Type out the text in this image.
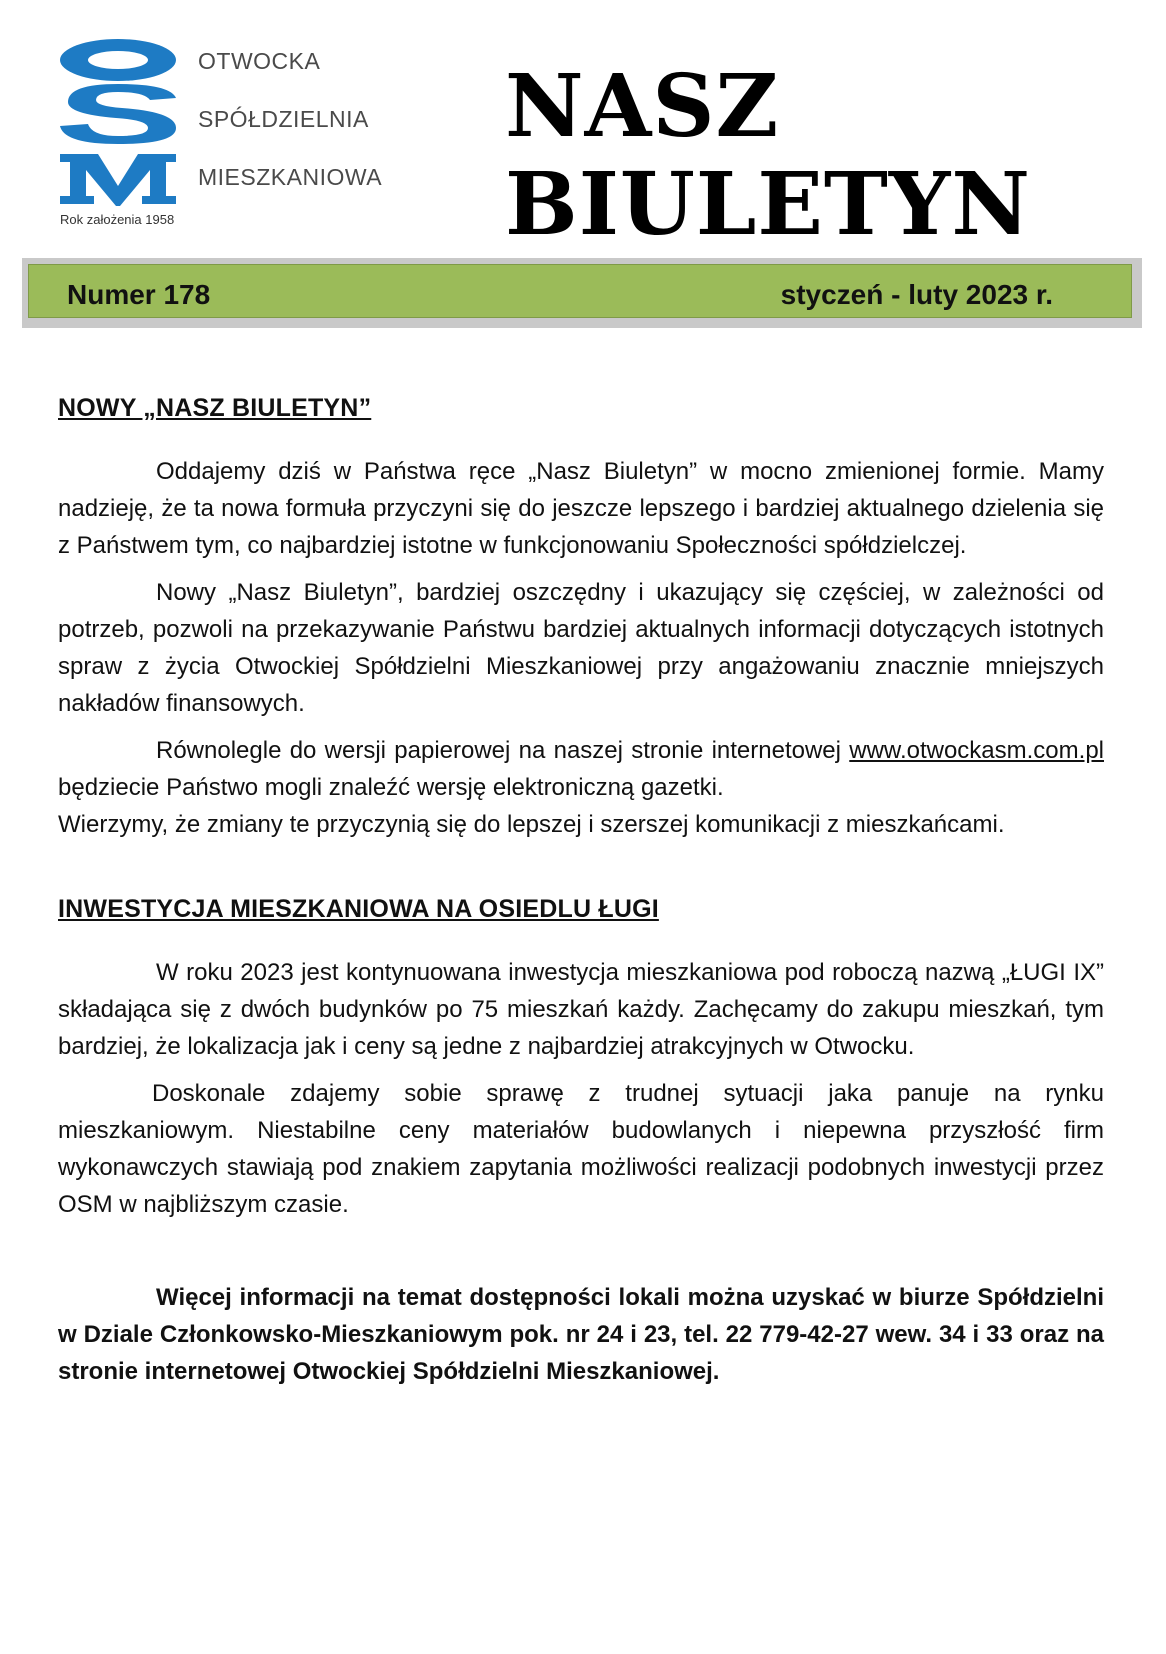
OTWOCKA
SPÓŁDZIELNIA
MIESZKANIOWA
Rok założenia 1958
NASZ
BIULETYN
Numer 178	styczeń - luty 2023 r.
NOWY „NASZ BIULETYN”

Oddajemy dziś w Państwa ręce „Nasz Biuletyn” w mocno zmienionej formie. Mamy nadzieję, że ta nowa formuła przyczyni się do jeszcze lepszego i bardziej aktualnego dzielenia się z Państwem tym, co najbardziej istotne w funkcjonowaniu Społeczności spółdzielczej.

Nowy „Nasz Biuletyn”, bardziej oszczędny i ukazujący się częściej, w zależności od potrzeb, pozwoli na przekazywanie Państwu bardziej aktualnych informacji dotyczących istotnych spraw z życia Otwockiej Spółdzielni Mieszkaniowej przy angażowaniu znacznie mniejszych nakładów finansowych.

Równolegle do wersji papierowej na naszej stronie internetowej www.otwockasm.com.pl będziecie Państwo mogli znaleźć wersję elektroniczną gazetki.

Wierzymy, że zmiany te przyczynią się do lepszej i szerszej komunikacji z mieszkańcami.

INWESTYCJA MIESZKANIOWA NA OSIEDLU ŁUGI

W roku 2023 jest kontynuowana inwestycja mieszkaniowa pod roboczą nazwą „ŁUGI IX” składająca się z dwóch budynków po 75 mieszkań każdy. Zachęcamy do zakupu mieszkań, tym bardziej, że lokalizacja jak i ceny są jedne z najbardziej atrakcyjnych w Otwocku.

Doskonale zdajemy sobie sprawę z trudnej sytuacji jaka panuje na rynku mieszkaniowym. Niestabilne ceny materiałów budowlanych i niepewna przyszłość firm wykonawczych stawiają pod znakiem zapytania możliwości realizacji podobnych inwestycji przez OSM w najbliższym czasie.

Więcej informacji na temat dostępności lokali można uzyskać w biurze Spółdzielni w Dziale Członkowsko-Mieszkaniowym pok. nr 24 i 23, tel. 22 779-42-27 wew. 34 i 33 oraz na stronie internetowej Otwockiej Spółdzielni Mieszkaniowej.
